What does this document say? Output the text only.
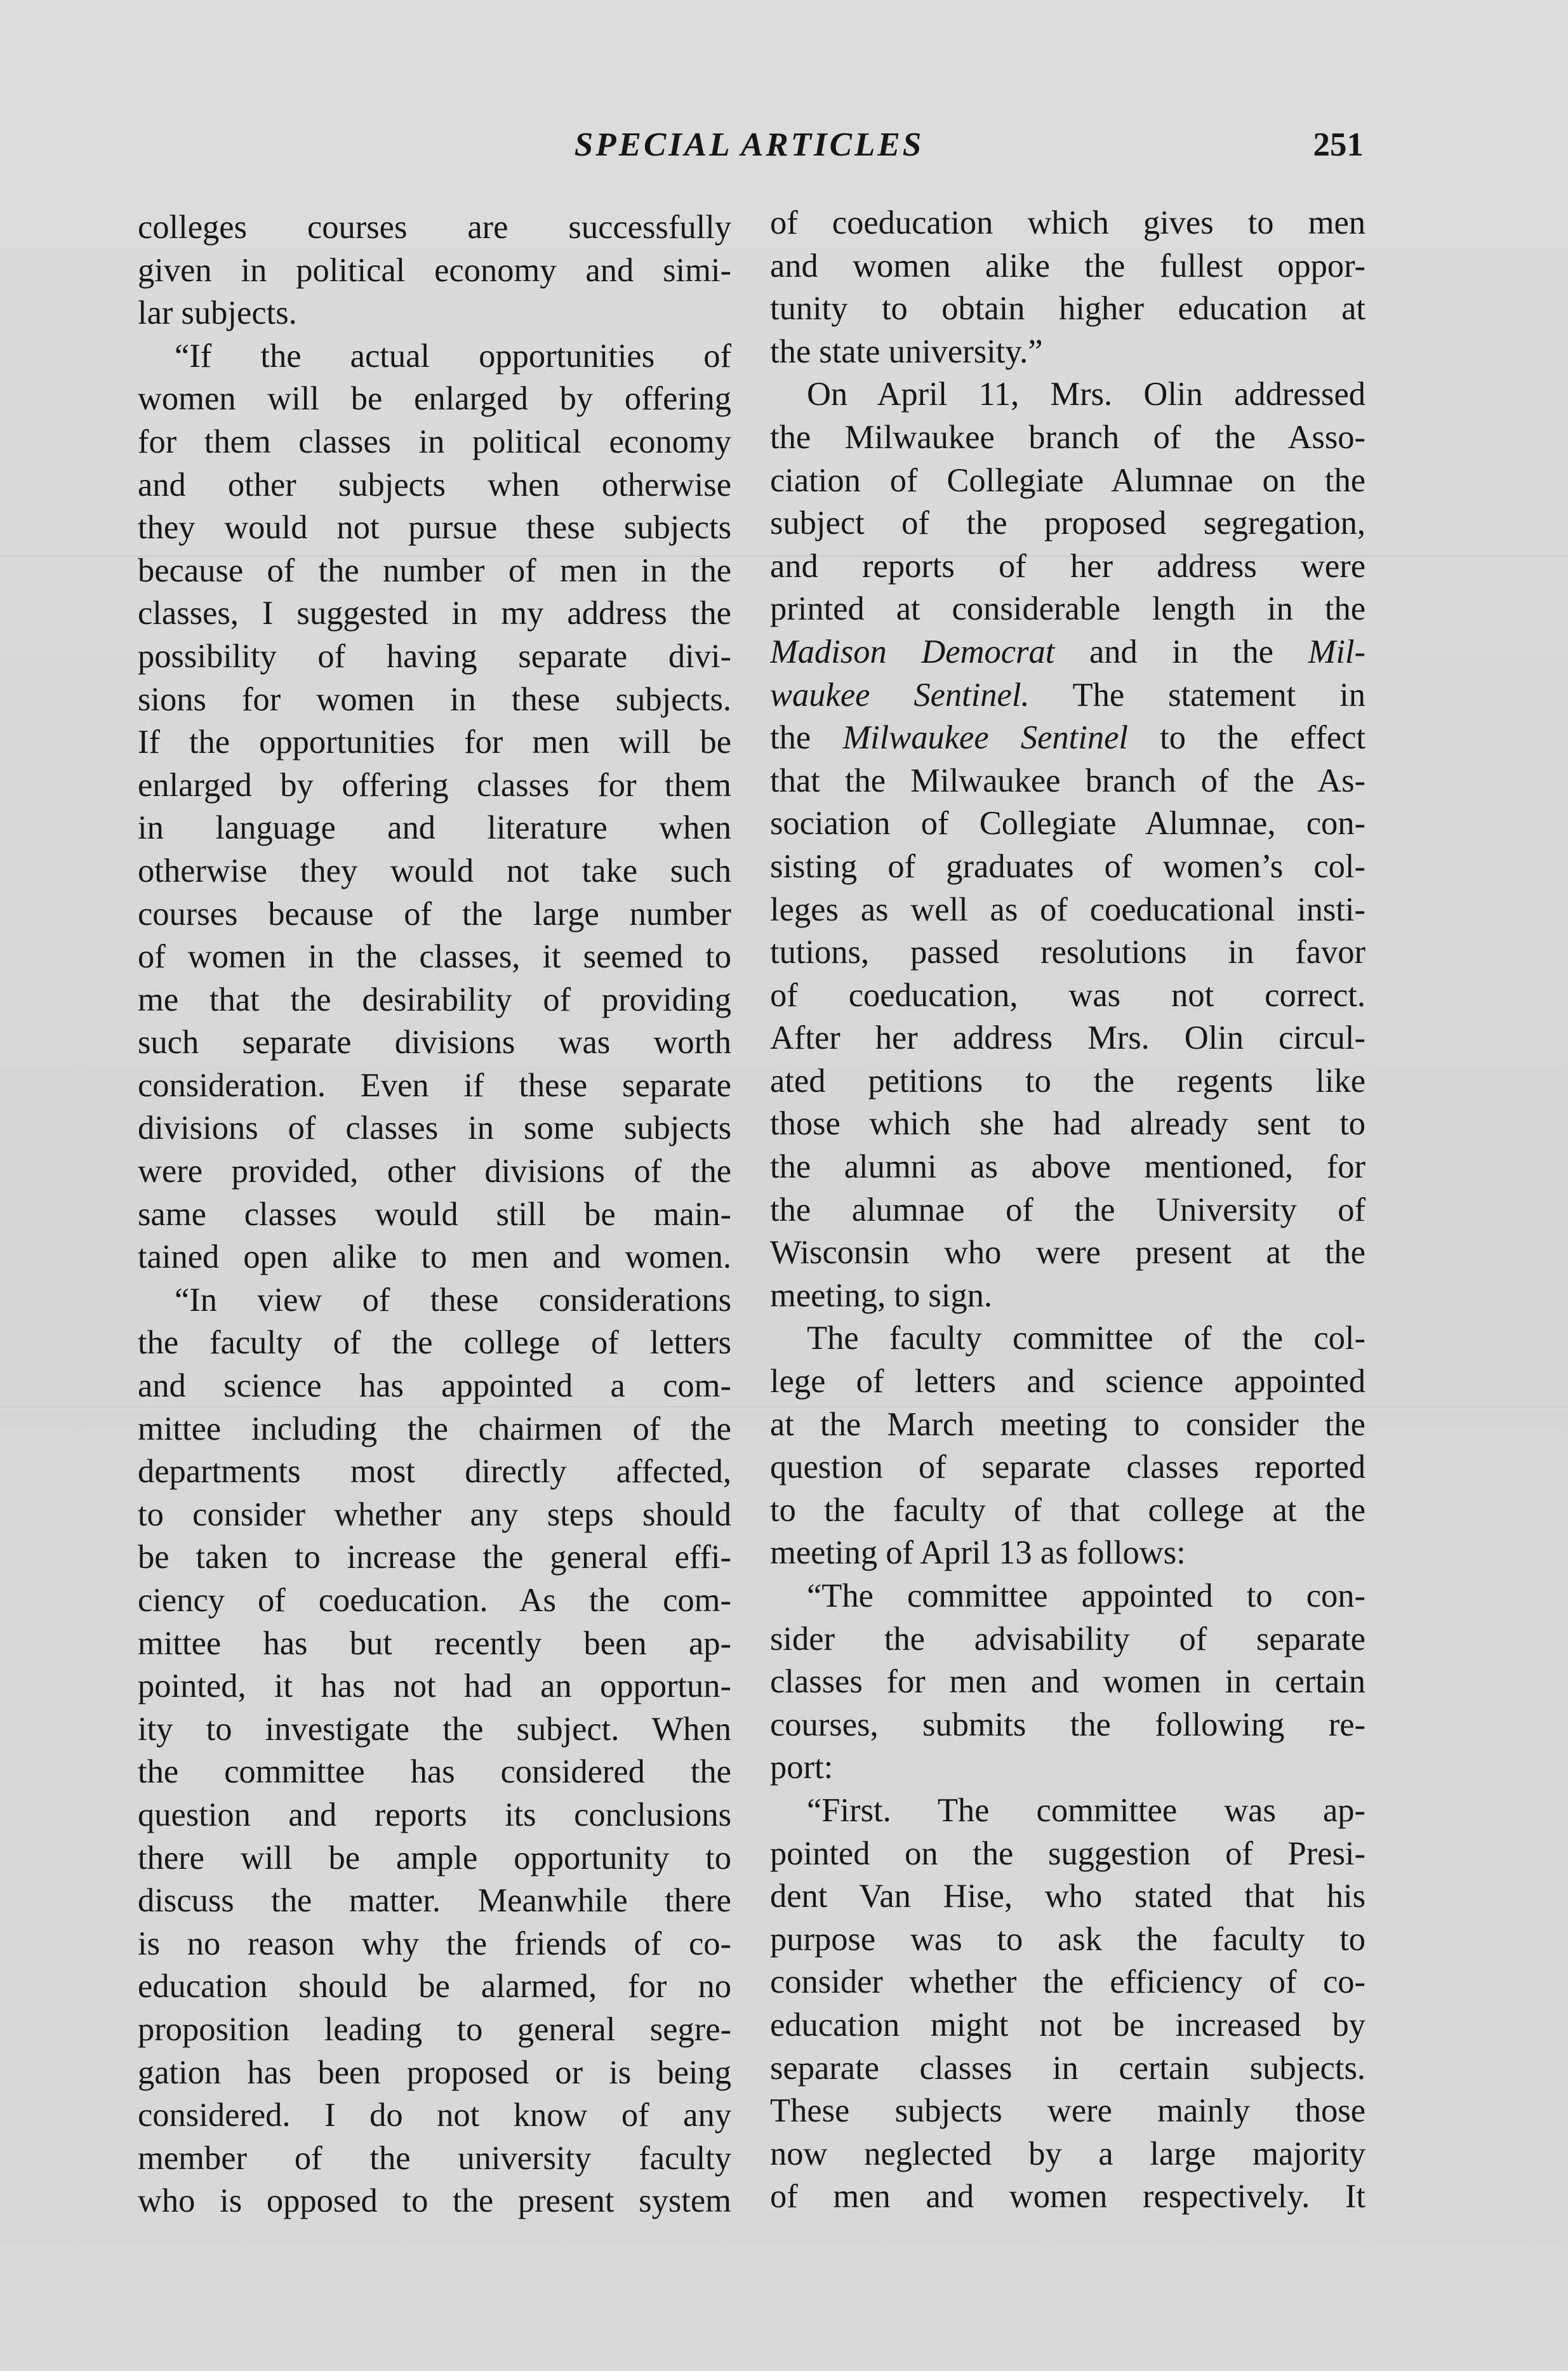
SPECIAL ARTICLES	251
colleges courses are successfully
given in political economy and simi-
lar subjects.
“If the actual opportunities of
women will be enlarged by offering
for them classes in political economy
and other subjects when otherwise
they would not pursue these subjects
because of the number of men in the
classes, I suggested in my address the
possibility of having separate divi-
sions for women in these subjects.
If the opportunities for men will be
enlarged by offering classes for them
in language and literature when
otherwise they would not take such
courses because of the large number
of women in the classes, it seemed to
me that the desirability of providing
such separate divisions was worth
consideration. Even if these separate
divisions of classes in some subjects
were provided, other divisions of the
same classes would still be main-
tained open alike to men and women.
“In view of these considerations
the faculty of the college of letters
and science has appointed a com-
mittee including the chairmen of the
departments most directly affected,
to consider whether any steps should
be taken to increase the general effi-
ciency of coeducation. As the com-
mittee has but recently been ap-
pointed, it has not had an opportun-
ity to investigate the subject. When
the committee has considered the
question and reports its conclusions
there will be ample opportunity to
discuss the matter. Meanwhile there
is no reason why the friends of co-
education should be alarmed, for no
proposition leading to general segre-
gation has been proposed or is being
considered. I do not know of any
member of the university faculty
who is opposed to the present system
of coeducation which gives to men
and women alike the fullest oppor-
tunity to obtain higher education at
the state university.”
On April 11, Mrs. Olin addressed
the Milwaukee branch of the Asso-
ciation of Collegiate Alumnae on the
subject of the proposed segregation,
and reports of her address were
printed at considerable length in the
Madison Democrat and in the Mil-
waukee Sentinel. The statement in
the Milwaukee Sentinel to the effect
that the Milwaukee branch of the As-
sociation of Collegiate Alumnae, con-
sisting of graduates of women’s col-
leges as well as of coeducational insti-
tutions, passed resolutions in favor
of coeducation, was not correct.
After her address Mrs. Olin circul-
ated petitions to the regents like
those which she had already sent to
the alumni as above mentioned, for
the alumnae of the University of
Wisconsin who were present at the
meeting, to sign.
The faculty committee of the col-
lege of letters and science appointed
at the March meeting to consider the
question of separate classes reported
to the faculty of that college at the
meeting of April 13 as follows:
“The committee appointed to con-
sider the advisability of separate
classes for men and women in certain
courses, submits the following re-
port:
“First. The committee was ap-
pointed on the suggestion of Presi-
dent Van Hise, who stated that his
purpose was to ask the faculty to
consider whether the efficiency of co-
education might not be increased by
separate classes in certain subjects.
These subjects were mainly those
now neglected by a large majority
of men and women respectively. It
